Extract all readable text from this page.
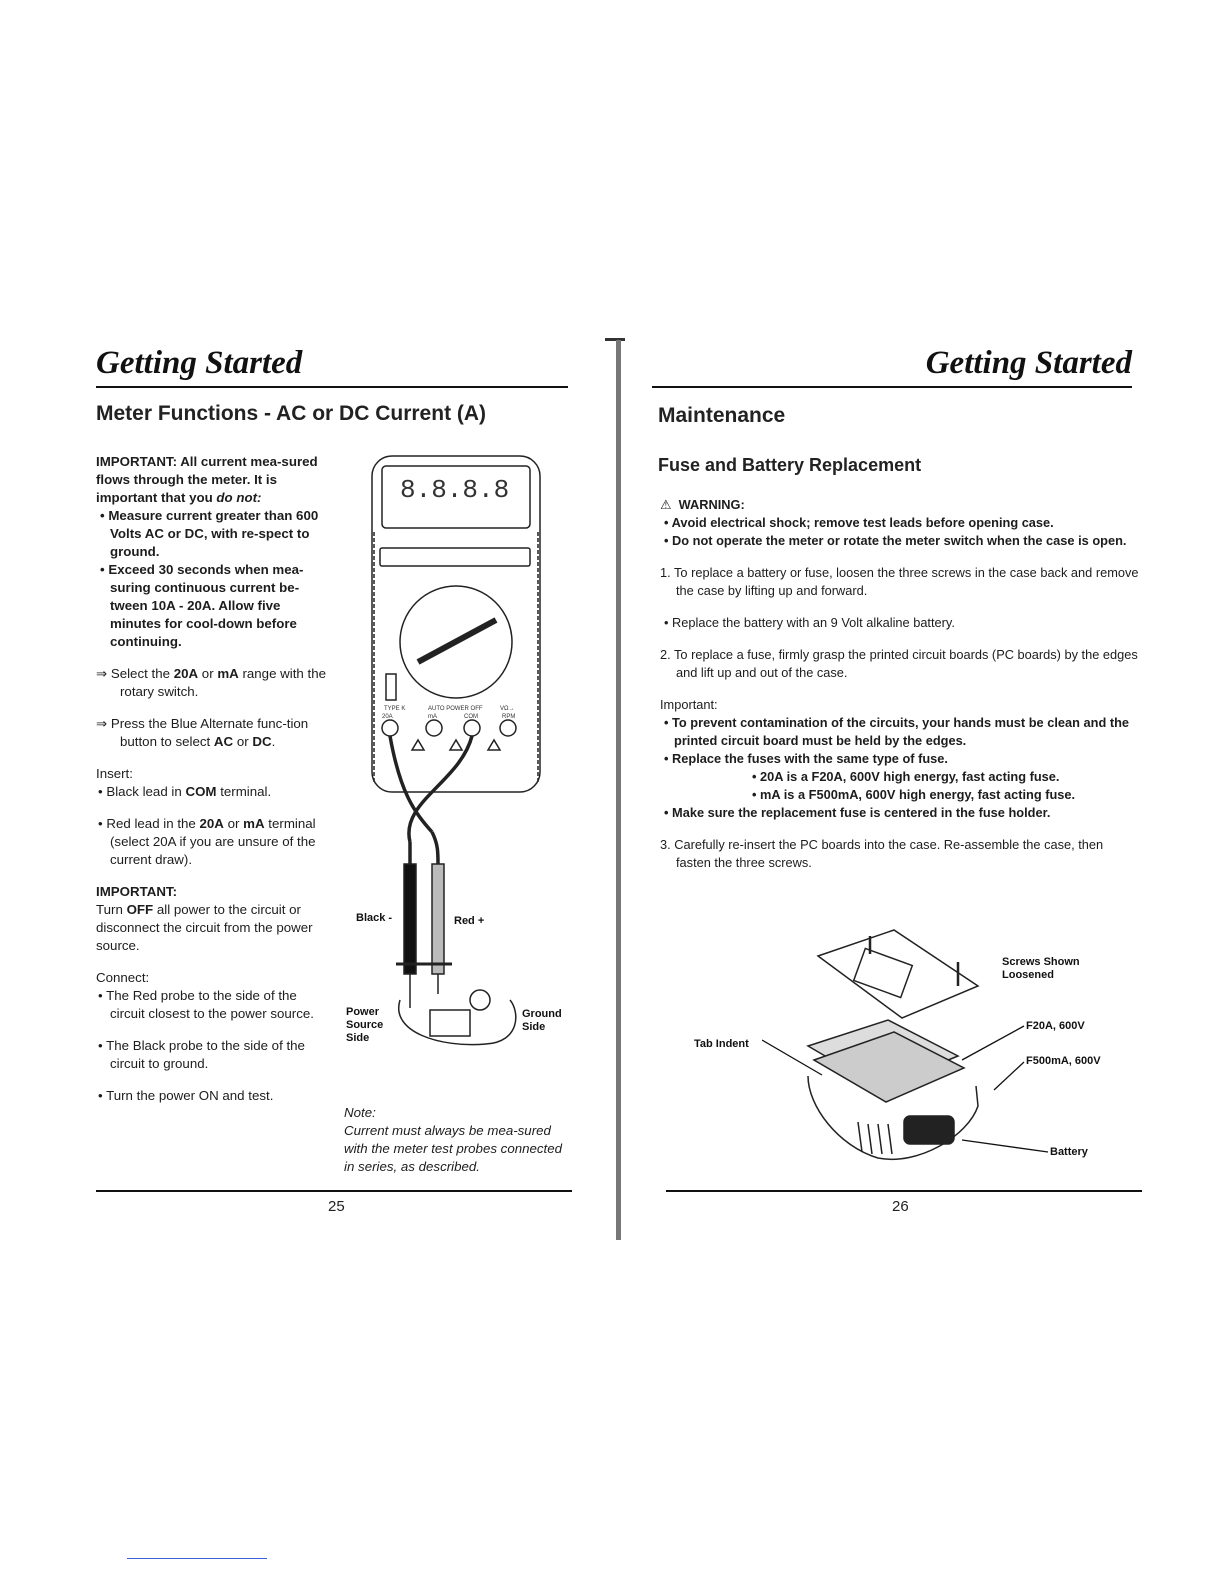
Getting Started
Meter Functions - AC or DC Current (A)

IMPORTANT: All current mea-sured flows through the meter. It is important that you do not:

• Measure current greater than 600 Volts AC or DC, with re-spect to ground.

• Exceed 30 seconds when mea-suring continuous current be-tween 10A - 20A. Allow five minutes for cool-down before continuing.

⇒ Select the 20A or mA range with the rotary switch.

⇒ Press the Blue Alternate func-tion button to select AC or DC.

Insert:

• Black lead in COM terminal.

• Red lead in the 20A or mA terminal (select 20A if you are unsure of the current draw).

IMPORTANT:

Turn OFF all power to the circuit or disconnect the circuit from the power source.

Connect:

• The Red probe to the side of the circuit closest to the power source.

• The Black probe to the side of the circuit to ground.

• Turn the power ON and test.

8.8.8.8
TYPE K	AUTO POWER OFF
20A	mA	COM
VΩ→
RPM
Black -	Red +
Power
Source
Side
Ground
Side

Note:

Current must always be mea-sured with the meter test probes connected in series, as described.

25
Getting Started
Maintenance
Fuse and Battery Replacement

⚠ WARNING:

• Avoid electrical shock; remove test leads before opening case.

• Do not operate the meter or rotate the meter switch when the case is open.

1. To replace a battery or fuse, loosen the three screws in the case back and remove the case by lifting up and forward.

• Replace the battery with an 9 Volt alkaline battery.

2. To replace a fuse, firmly grasp the printed circuit boards (PC boards) by the edges and lift up and out of the case.

Important:

• To prevent contamination of the circuits, your hands must be clean and the printed circuit board must be held by the edges.

• Replace the fuses with the same type of fuse.

• 20A is a F20A, 600V high energy, fast acting fuse.

• mA is a F500mA, 600V high energy, fast acting fuse.

• Make sure the replacement fuse is centered in the fuse holder.

3. Carefully re-insert the PC boards into the case. Re-assemble the case, then fasten the three screws.

Screws Shown
Loosened
Tab Indent
F20A, 600V
F500mA, 600V
Battery
26
